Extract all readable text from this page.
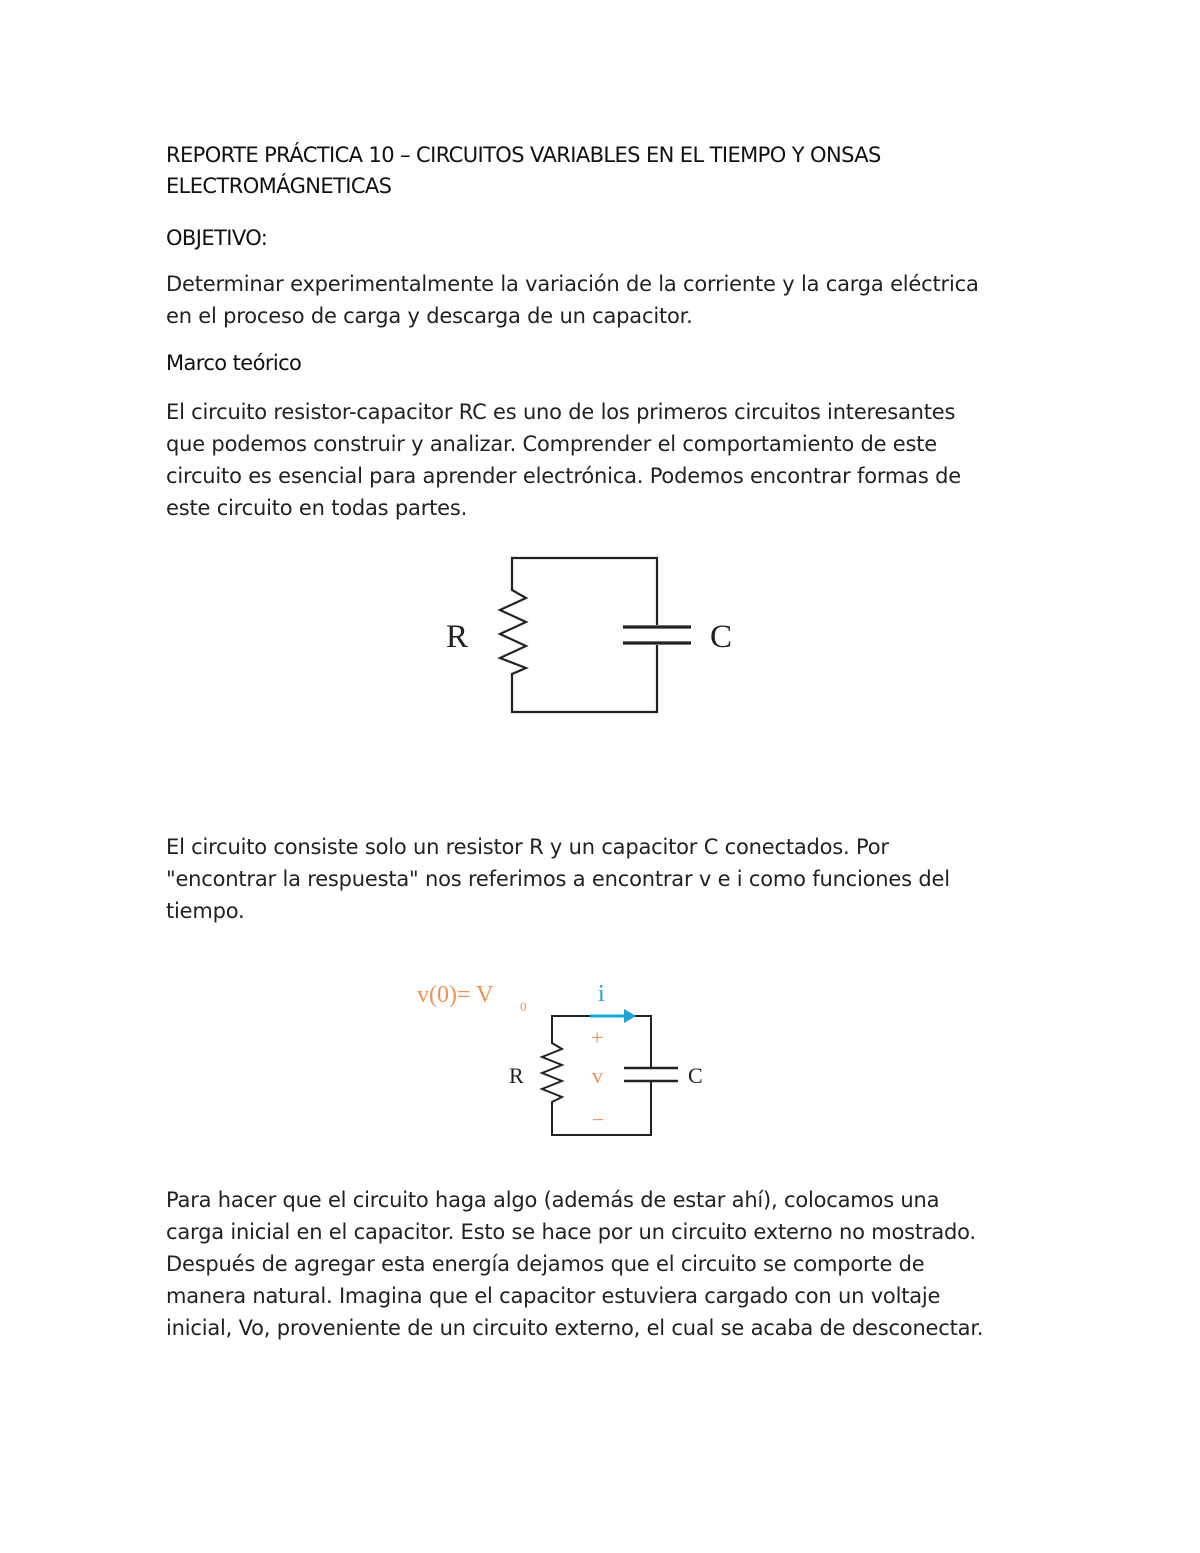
REPORTE PRÁCTICA 10 – CIRCUITOS VARIABLES EN EL TIEMPO Y ONSAS
ELECTROMÁGNETICAS
OBJETIVO:

Determinar experimentalmente la variación de la corriente y la carga eléctrica
en el proceso de carga y descarga de un capacitor.

Marco teórico

El circuito resistor-capacitor RC es uno de los primeros circuitos interesantes
que podemos construir y analizar. Comprender el comportamiento de este
circuito es esencial para aprender electrónica. Podemos encontrar formas de
este circuito en todas partes.

R	C

El circuito consiste solo un resistor R y un capacitor C conectados. Por
"encontrar la respuesta" nos referimos a encontrar v e i como funciones del
tiempo.

v(0)= V 0	i
+
v
−
R	C

Para hacer que el circuito haga algo (además de estar ahí), colocamos una
carga inicial en el capacitor. Esto se hace por un circuito externo no mostrado.
Después de agregar esta energía dejamos que el circuito se comporte de
manera natural. Imagina que el capacitor estuviera cargado con un voltaje
inicial, Vo, proveniente de un circuito externo, el cual se acaba de desconectar.
